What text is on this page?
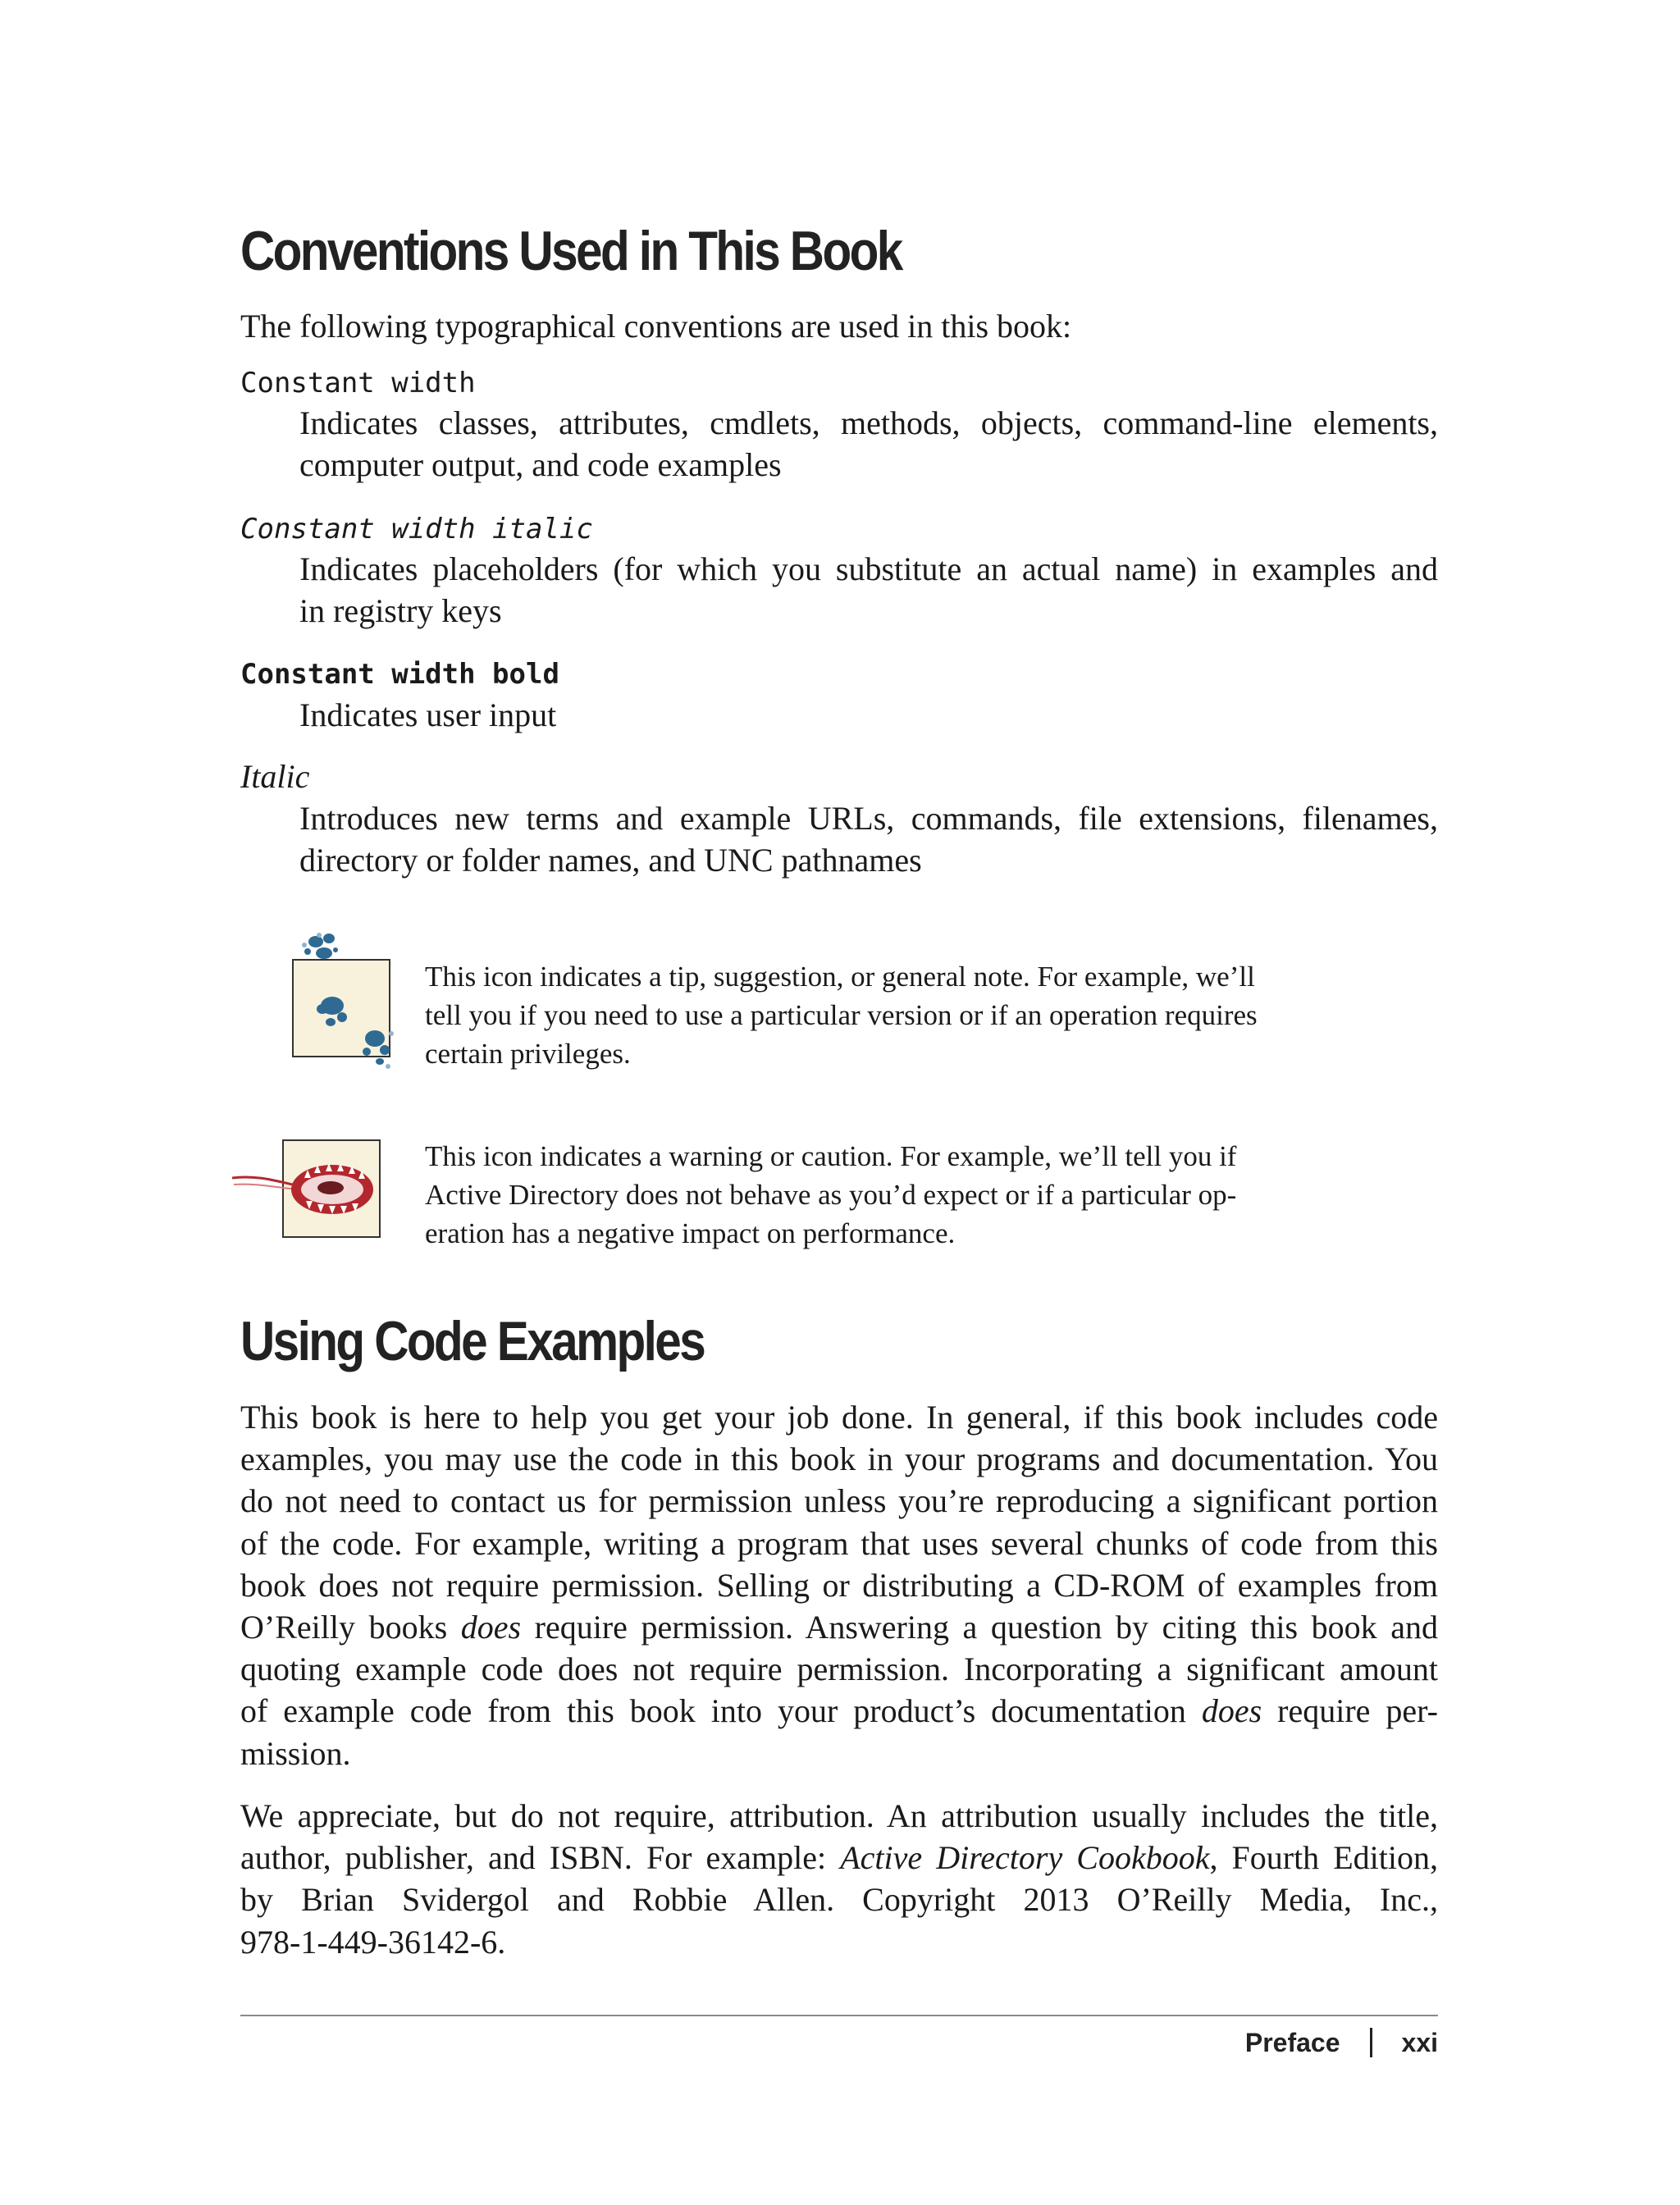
Conventions Used in This Book
The following typographical conventions are used in this book:
Constant width
Indicates classes, attributes, cmdlets, methods, objects, command-line elements,
computer output, and code examples
Constant width italic
Indicates placeholders (for which you substitute an actual name) in examples and
in registry keys
Constant width bold
Indicates user input
Italic
Introduces new terms and example URLs, commands, file extensions, filenames,
directory or folder names, and UNC pathnames
This icon indicates a tip, suggestion, or general note. For example, we’ll
tell you if you need to use a particular version or if an operation requires
certain privileges.
This icon indicates a warning or caution. For example, we’ll tell you if
Active Directory does not behave as you’d expect or if a particular op-
eration has a negative impact on performance.
Using Code Examples
This book is here to help you get your job done. In general, if this book includes code
examples, you may use the code in this book in your programs and documentation. You
do not need to contact us for permission unless you’re reproducing a significant portion
of the code. For example, writing a program that uses several chunks of code from this
book does not require permission. Selling or distributing a CD-ROM of examples from
O’Reilly books does require permission. Answering a question by citing this book and
quoting example code does not require permission. Incorporating a significant amount
of example code from this book into your product’s documentation does require per-
mission.
We appreciate, but do not require, attribution. An attribution usually includes the title,
author, publisher, and ISBN. For example: Active Directory Cookbook, Fourth Edition,
by Brian Svidergol and Robbie Allen. Copyright 2013 O’Reilly Media, Inc.,
978-1-449-36142-6.
Preface xxi
